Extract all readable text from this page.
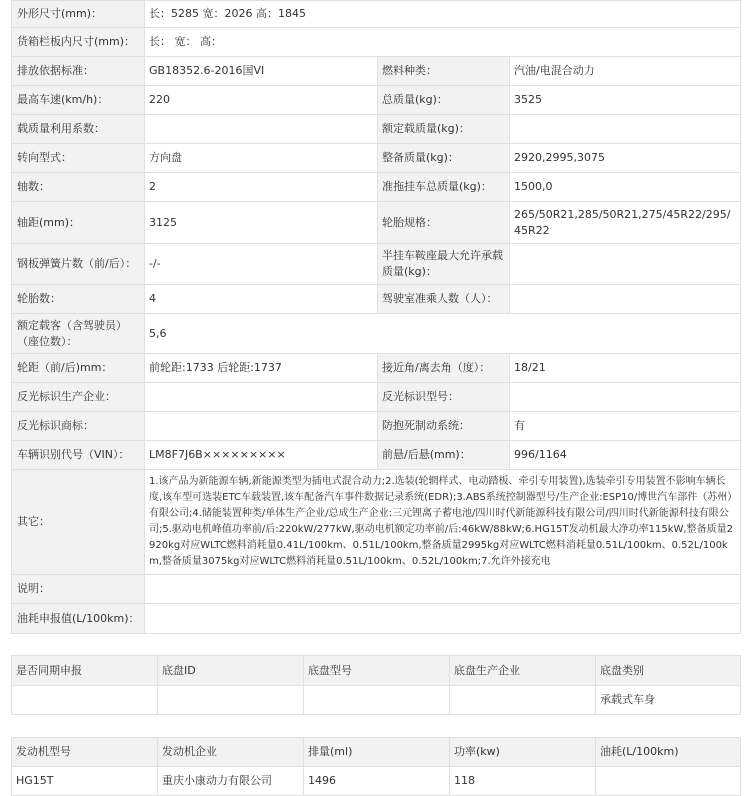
外形尺寸(mm)：	长：5285 宽：2026 高：1845		
货箱栏板内尺寸(mm)：	长： 宽： 高：		
排放依据标准：	GB18352.6-2016国VI	燃料种类：	汽油/电混合动力
最高车速(km/h)：	220	总质量(kg)：	3525
载质量利用系数：		额定载质量(kg)：	
转向型式：	方向盘	整备质量(kg)：	2920,2995,3075
轴数：	2	准拖挂车总质量(kg)：	1500,0
轴距(mm)：	3125	轮胎规格：	265/50R21,285/50R21,275/45R22/295/45R22
钢板弹簧片数（前/后）：	-/-	半挂车鞍座最大允许承载质量(kg)：	
轮胎数：	4	驾驶室准乘人数（人）：	
额定载客（含驾驶员）（座位数）：	5,6		
轮距（前/后)mm：	前轮距:1733 后轮距:1737	接近角/离去角（度）：	18/21
反光标识生产企业：		反光标识型号：	
反光标识商标：		防抱死制动系统：	有
车辆识别代号（VIN）：	LM8F7J6B×××××××××	前悬/后悬(mm)：	996/1164
其它：	1.该产品为新能源车辆,新能源类型为插电式混合动力;2.选装(轮辋样式、电动踏板、牵引专用装置),选装牵引专用装置不影响车辆长度,该车型可选装ETC车载装置,该车配备汽车事件数据记录系统(EDR);3.ABS系统控制器型号/生产企业:ESP10/博世汽车部件（苏州）有限公司;4.储能装置种类/单体生产企业/总成生产企业:三元锂离子蓄电池/四川时代新能源科技有限公司/四川时代新能源科技有限公司;5.驱动电机峰值功率前/后:220kW/277kW,驱动电机额定功率前/后:46kW/88kW;6.HG15T发动机最大净功率115kW,整备质量2920kg对应WLTC燃料消耗量0.41L/100km、0.51L/100km,整备质量2995kg对应WLTC燃料消耗量0.51L/100km、0.52L/100km,整备质量3075kg对应WLTC燃料消耗量0.51L/100km、0.52L/100km;7.允许外接充电		
说明：			
油耗申报值(L/100km)：			
是否同期申报	底盘ID	底盘型号	底盘生产企业	底盘类别
				承载式车身
发动机型号	发动机企业	排量(ml)	功率(kw)	油耗(L/100km)
HG15T	重庆小康动力有限公司	1496	118	
